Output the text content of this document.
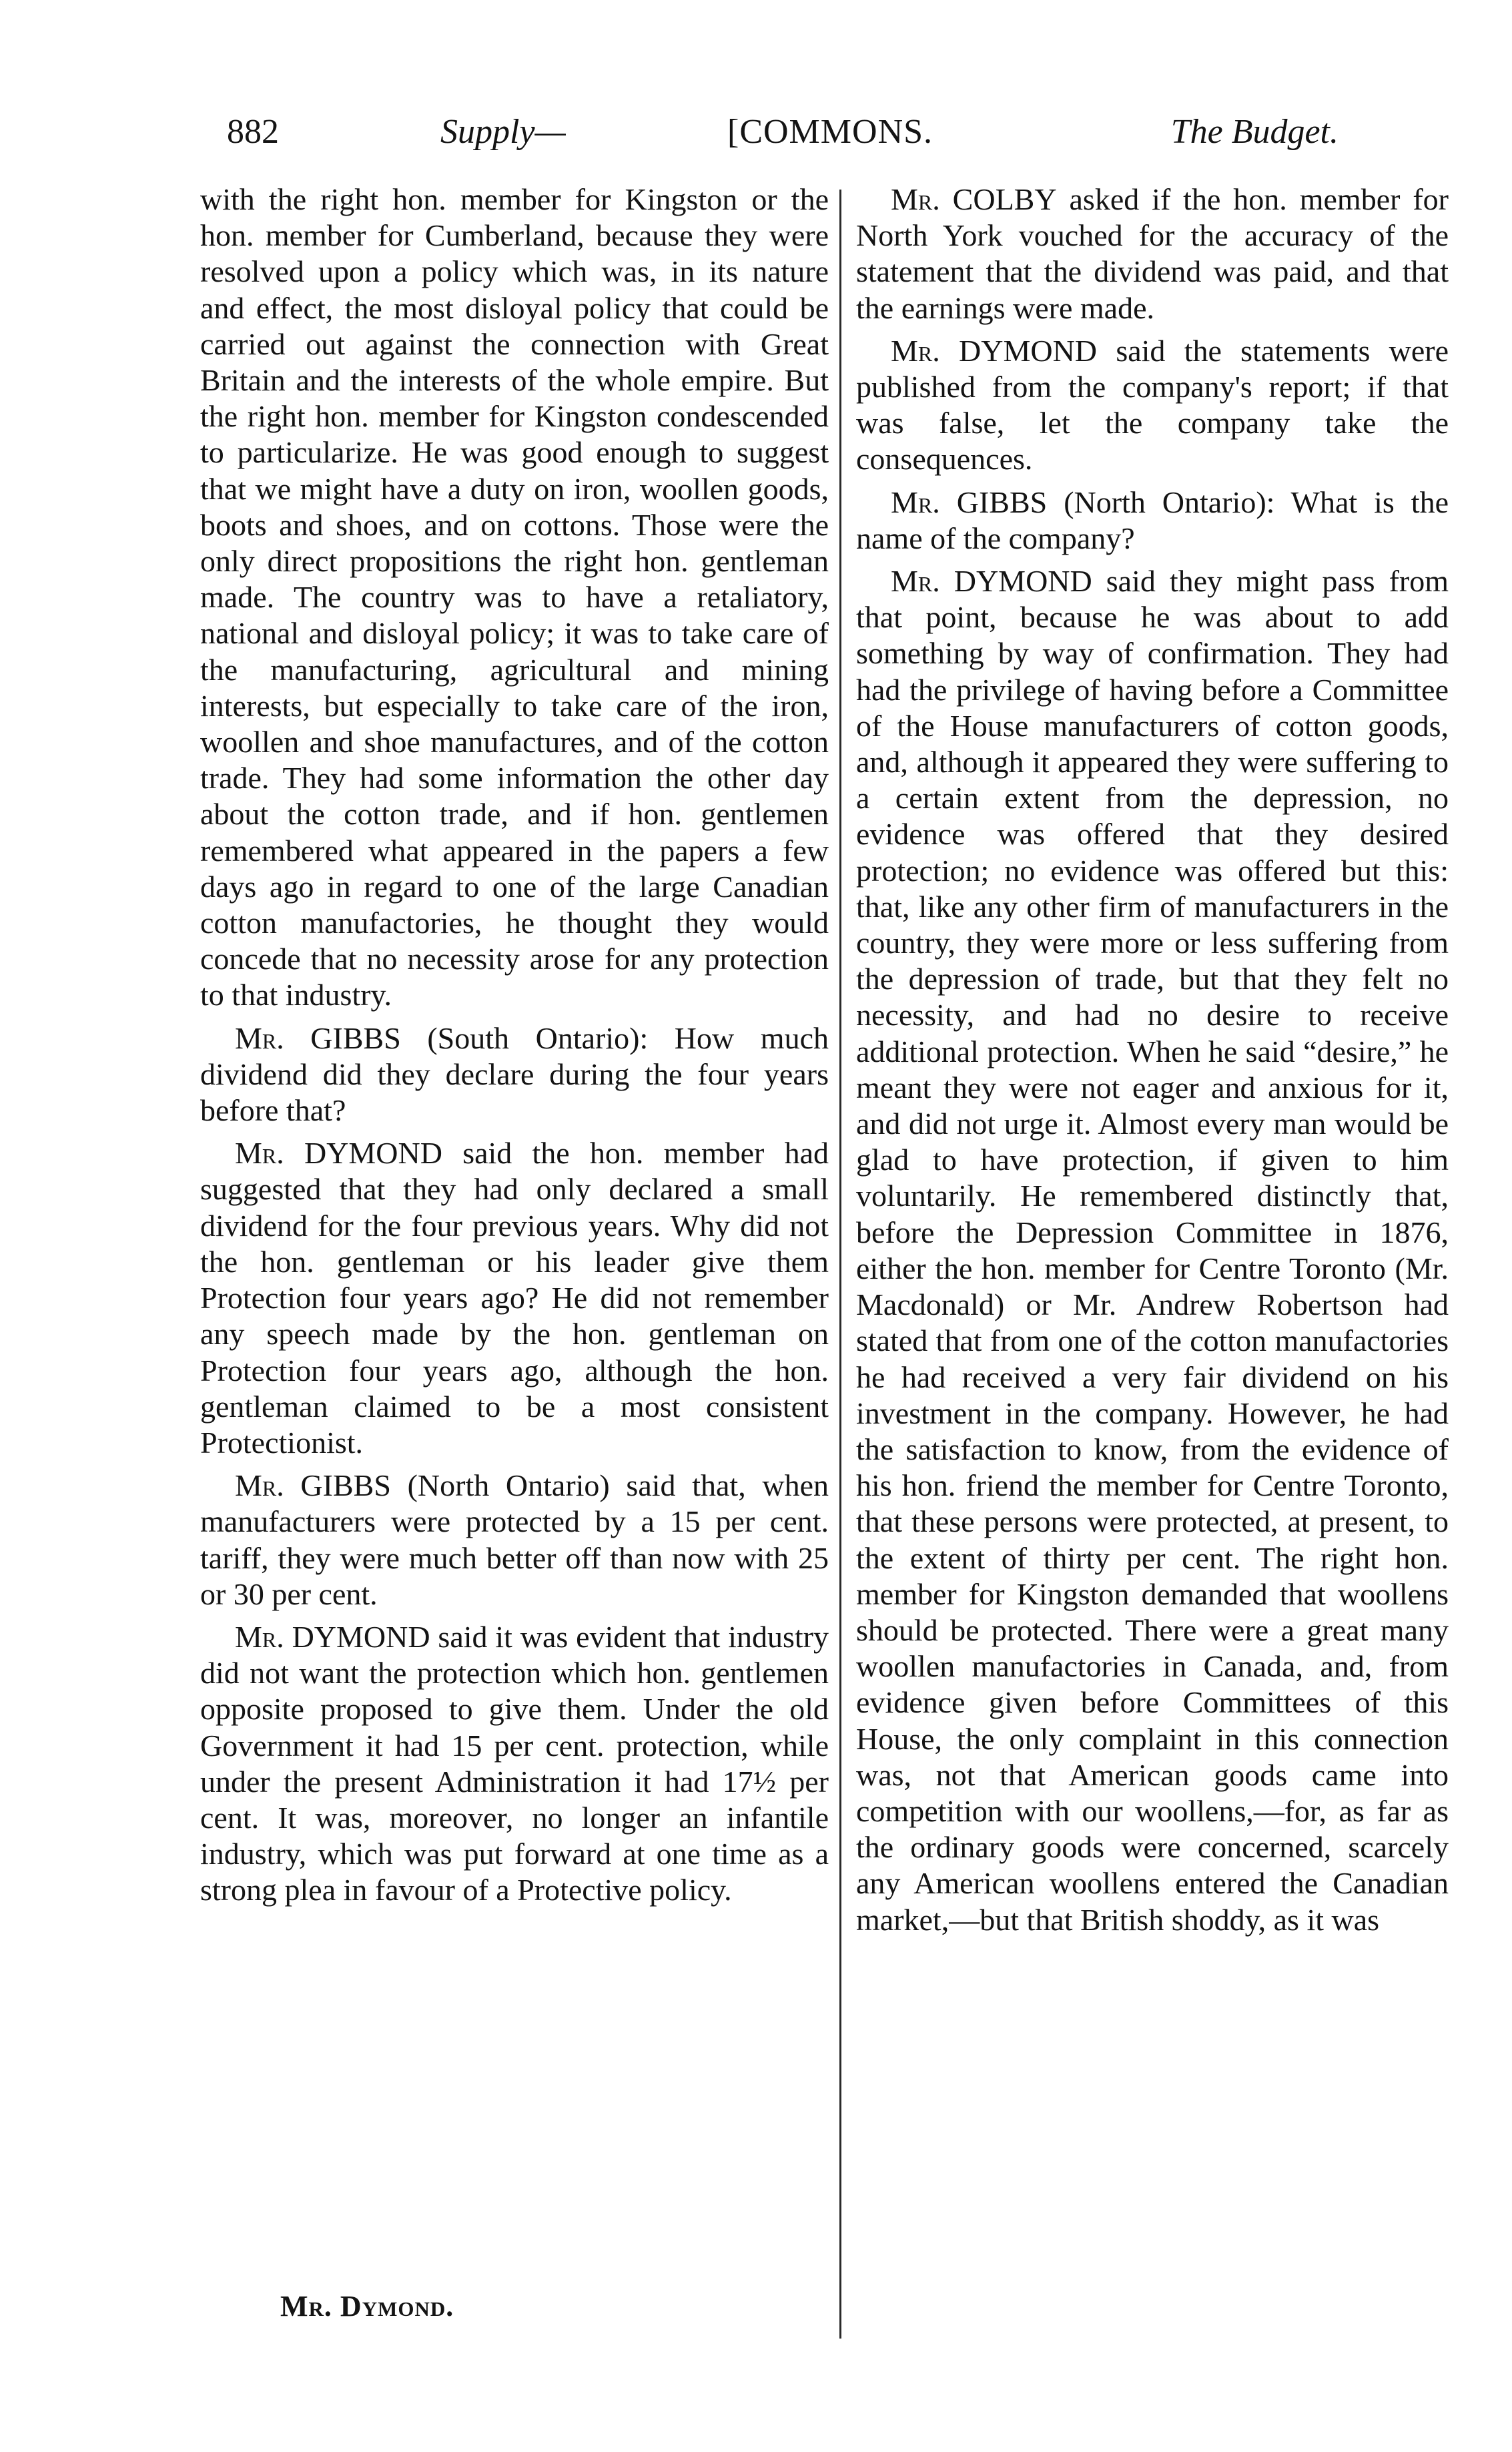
882	Supply—	[COMMONS.	The Budget.

with the right hon. member for Kingston or the hon. member for Cumberland, because they were resolved upon a policy which was, in its nature and effect, the most disloyal policy that could be carried out against the connection with Great Britain and the interests of the whole empire. But the right hon. member for Kingston condescended to particularize. He was good enough to suggest that we might have a duty on iron, woollen goods, boots and shoes, and on cottons. Those were the only direct propositions the right hon. gentleman made. The country was to have a retaliatory, national and disloyal policy; it was to take care of the manufacturing, agricultural and mining interests, but especially to take care of the iron, woollen and shoe manufactures, and of the cotton trade. They had some information the other day about the cotton trade, and if hon. gentlemen remembered what appeared in the papers a few days ago in regard to one of the large Canadian cotton manufactories, he thought they would concede that no necessity arose for any protection to that industry.

Mr. GIBBS (South Ontario): How much dividend did they declare during the four years before that?

Mr. DYMOND said the hon. member had suggested that they had only declared a small dividend for the four previous years. Why did not the hon. gentleman or his leader give them Protection four years ago? He did not remember any speech made by the hon. gentleman on Protection four years ago, although the hon. gentleman claimed to be a most consistent Protectionist.

Mr. GIBBS (North Ontario) said that, when manufacturers were protected by a 15 per cent. tariff, they were much better off than now with 25 or 30 per cent.

Mr. DYMOND said it was evident that industry did not want the protection which hon. gentlemen opposite proposed to give them. Under the old Government it had 15 per cent. protection, while under the present Administration it had 17½ per cent. It was, moreover, no longer an infantile industry, which was put forward at one time as a strong plea in favour of a Protective policy.

Mr. COLBY asked if the hon. member for North York vouched for the accuracy of the statement that the dividend was paid, and that the earnings were made.

Mr. DYMOND said the statements were published from the company's report; if that was false, let the company take the consequences.

Mr. GIBBS (North Ontario): What is the name of the company?

Mr. DYMOND said they might pass from that point, because he was about to add something by way of confirmation. They had had the privilege of having before a Committee of the House manufacturers of cotton goods, and, although it appeared they were suffering to a certain extent from the depression, no evidence was offered that they desired protection; no evidence was offered but this: that, like any other firm of manufacturers in the country, they were more or less suffering from the depression of trade, but that they felt no necessity, and had no desire to receive additional protection. When he said “desire,” he meant they were not eager and anxious for it, and did not urge it. Almost every man would be glad to have protection, if given to him voluntarily. He remembered distinctly that, before the Depression Committee in 1876, either the hon. member for Centre Toronto (Mr. Macdonald) or Mr. Andrew Robertson had stated that from one of the cotton manufactories he had received a very fair dividend on his investment in the company. However, he had the satisfaction to know, from the evidence of his hon. friend the member for Centre Toronto, that these persons were protected, at present, to the extent of thirty per cent. The right hon. member for Kingston demanded that woollens should be protected. There were a great many woollen manufactories in Canada, and, from evidence given before Committees of this House, the only complaint in this connection was, not that American goods came into competition with our woollens,—for, as far as the ordinary goods were concerned, scarcely any American woollens entered the Canadian market,—but that British shoddy, as it was

Mr. Dymond.
